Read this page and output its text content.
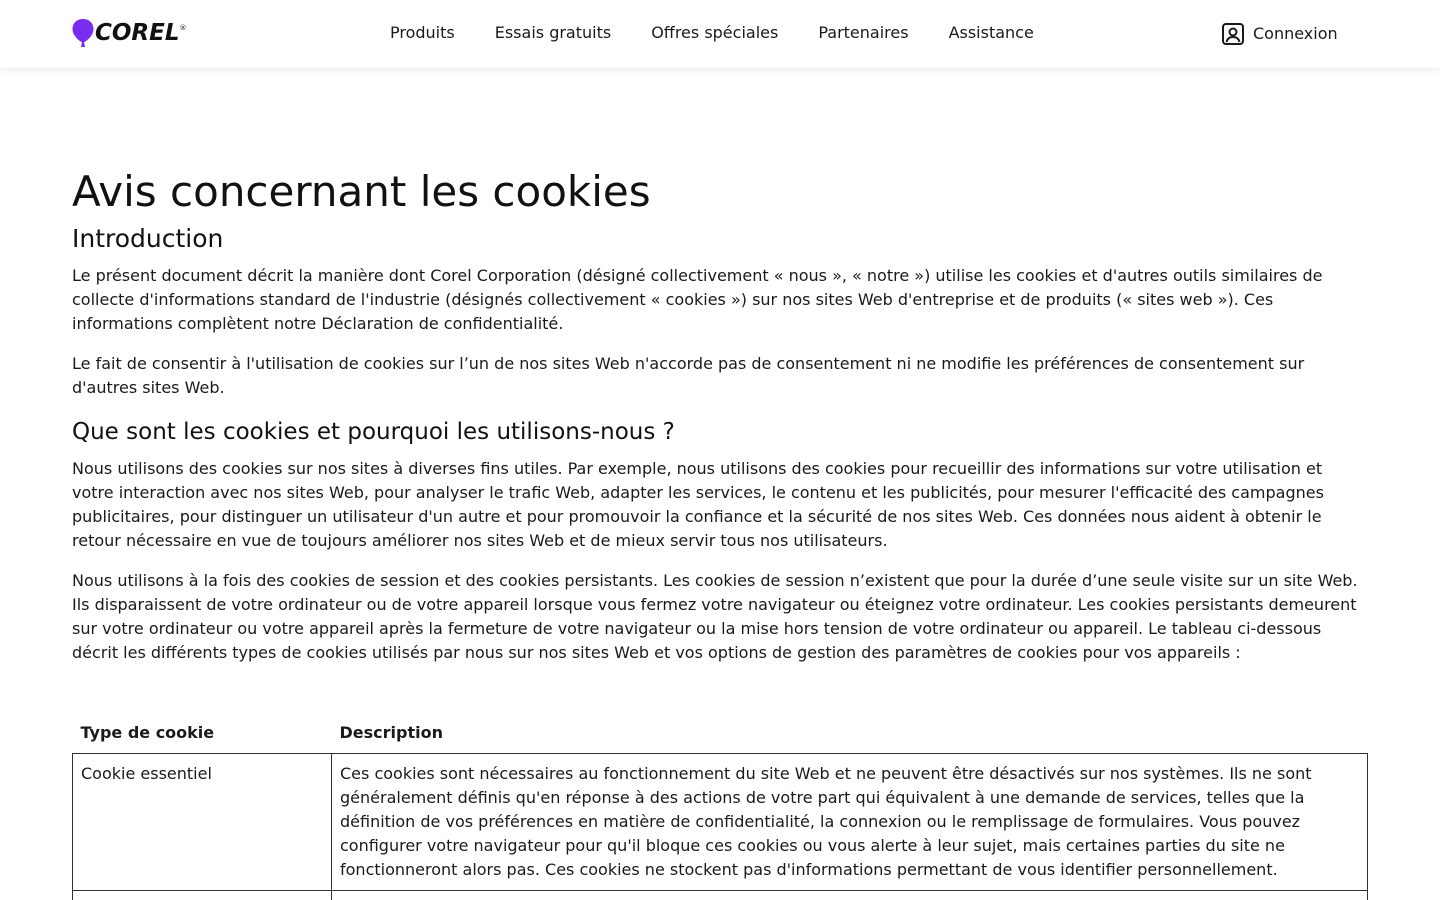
COREL ®	Produits	Essais gratuits	Offres spéciales	Partenaires	Assistance	Connexion
Avis concernant les cookies
Introduction

Le présent document décrit la manière dont Corel Corporation (désigné collectivement « nous », « notre ») utilise les cookies et d'autres outils similaires de collecte d'informations standard de l'industrie (désignés collectivement « cookies ») sur nos sites Web d'entreprise et de produits (« sites web »). Ces informations complètent notre Déclaration de confidentialité.

Le fait de consentir à l'utilisation de cookies sur l’un de nos sites Web n'accorde pas de consentement ni ne modifie les préférences de consentement sur d'autres sites Web.

Que sont les cookies et pourquoi les utilisons-nous ?

Nous utilisons des cookies sur nos sites à diverses fins utiles. Par exemple, nous utilisons des cookies pour recueillir des informations sur votre utilisation et votre interaction avec nos sites Web, pour analyser le trafic Web, adapter les services, le contenu et les publicités, pour mesurer l'efficacité des campagnes publicitaires, pour distinguer un utilisateur d'un autre et pour promouvoir la confiance et la sécurité de nos sites Web. Ces données nous aident à obtenir le retour nécessaire en vue de toujours améliorer nos sites Web et de mieux servir tous nos utilisateurs.

Nous utilisons à la fois des cookies de session et des cookies persistants. Les cookies de session n’existent que pour la durée d’une seule visite sur un site Web. Ils disparaissent de votre ordinateur ou de votre appareil lorsque vous fermez votre navigateur ou éteignez votre ordinateur. Les cookies persistants demeurent sur votre ordinateur ou votre appareil après la fermeture de votre navigateur ou la mise hors tension de votre ordinateur ou appareil. Le tableau ci-dessous décrit les différents types de cookies utilisés par nous sur nos sites Web et vos options de gestion des paramètres de cookies pour vos appareils :

Type de cookie	Description
Cookie essentiel	Ces cookies sont nécessaires au fonctionnement du site Web et ne peuvent être désactivés sur nos systèmes. Ils ne sont généralement définis qu'en réponse à des actions de votre part qui équivalent à une demande de services, telles que la définition de vos préférences en matière de confidentialité, la connexion ou le remplissage de formulaires. Vous pouvez configurer votre navigateur pour qu'il bloque ces cookies ou vous alerte à leur sujet, mais certaines parties du site ne fonctionneront alors pas. Ces cookies ne stockent pas d'informations permettant de vous identifier personnellement.
